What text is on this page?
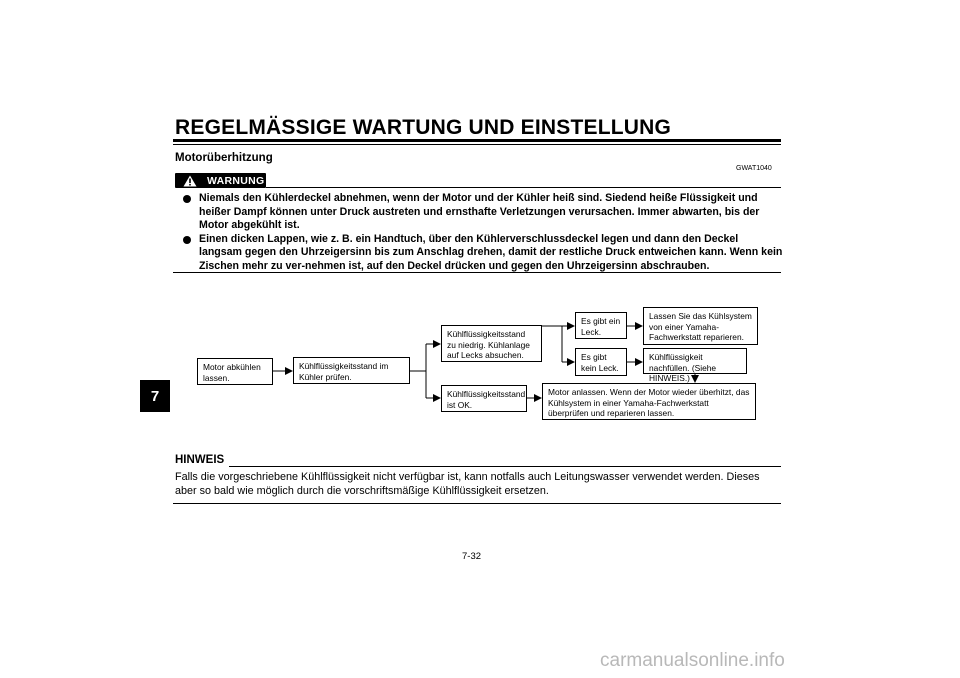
REGELMÄSSIGE WARTUNG UND EINSTELLUNG
7
Motorüberhitzung
GWAT1040
WARNUNG
Niemals den Kühlerdeckel abnehmen, wenn der Motor und der Kühler heiß sind. Siedend heiße Flüssigkeit und heißer Dampf können unter Druck austreten und ernsthafte Verletzungen verursachen. Immer abwarten, bis der Motor abgekühlt ist.
Einen dicken Lappen, wie z. B. ein Handtuch, über den Kühlerverschlussdeckel legen und dann den Deckel langsam gegen den Uhrzeigersinn bis zum Anschlag drehen, damit der restliche Druck entweichen kann. Wenn kein Zischen mehr zu ver-nehmen ist, auf den Deckel drücken und gegen den Uhrzeigersinn abschrauben.
Motor abkühlen lassen.
Kühlflüssigkeitsstand im Kühler prüfen.
Kühlflüssigkeitsstand zu niedrig. Kühlanlage auf Lecks absuchen.
Kühlflüssigkeitsstand ist OK.
Es gibt ein Leck.
Es gibt kein Leck.
Lassen Sie das Kühlsystem von einer Yamaha-Fachwerkstatt reparieren.
Kühlflüssigkeit nachfüllen. (Siehe HINWEIS.)
Motor anlassen. Wenn der Motor wieder überhitzt, das Kühlsystem in einer Yamaha-Fachwerkstatt überprüfen und reparieren lassen.
HINWEIS
Falls die vorgeschriebene Kühlflüssigkeit nicht verfügbar ist, kann notfalls auch Leitungswasser verwendet werden. Dieses aber so bald wie möglich durch die vorschriftsmäßige Kühlflüssigkeit ersetzen.
7-32
carmanualsonline.info
